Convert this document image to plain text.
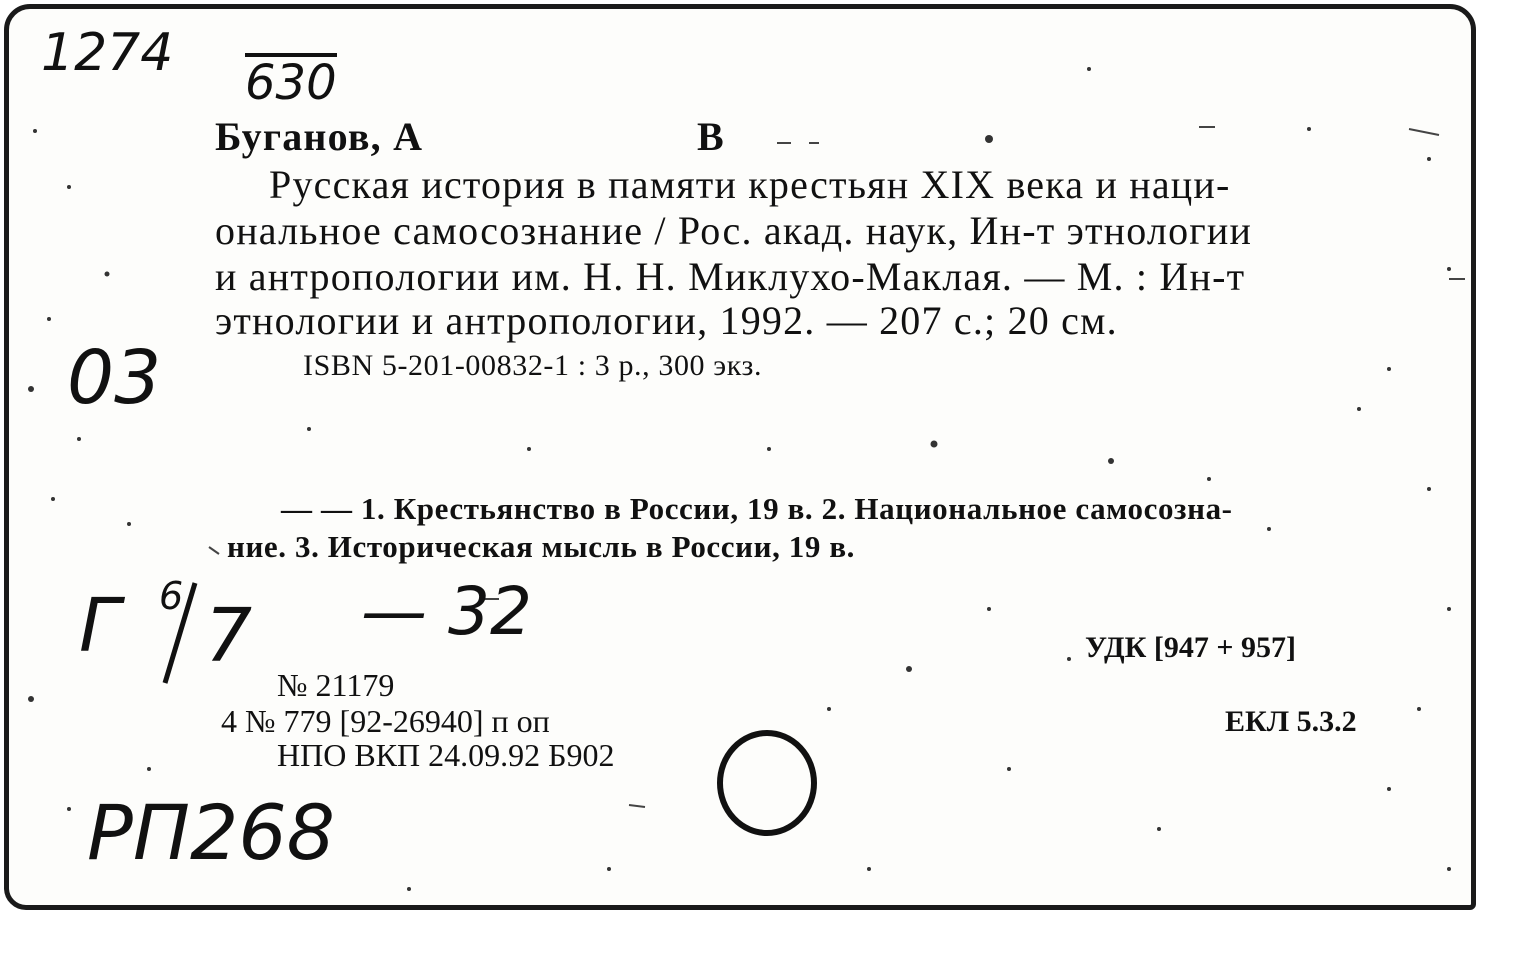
1274 630
03
Г 6 7 — 32
РП268
Буганов, А	В
Русская история в памяти крестьян XIX века и нaци-
ональное самосознание / Рос. акад. наук, Ин-т этнологии
и антропологии им. Н. Н. Миклухо-Маклая. — М. : Ин-т
этнологии и антропологии, 1992. — 207 с.; 20 см.
ISBN 5-201-00832-1 : 3 р., 300 экз.
— — 1. Крестьянство в России, 19 в. 2. Национальное самосозна-
ние. 3. Историческая мысль в России, 19 в.
УДК [947 + 957]
ЕКЛ 5.3.2
№ 21179
4 № 779 [92-26940] п оп
НПО ВКП 24.09.92 Б902
